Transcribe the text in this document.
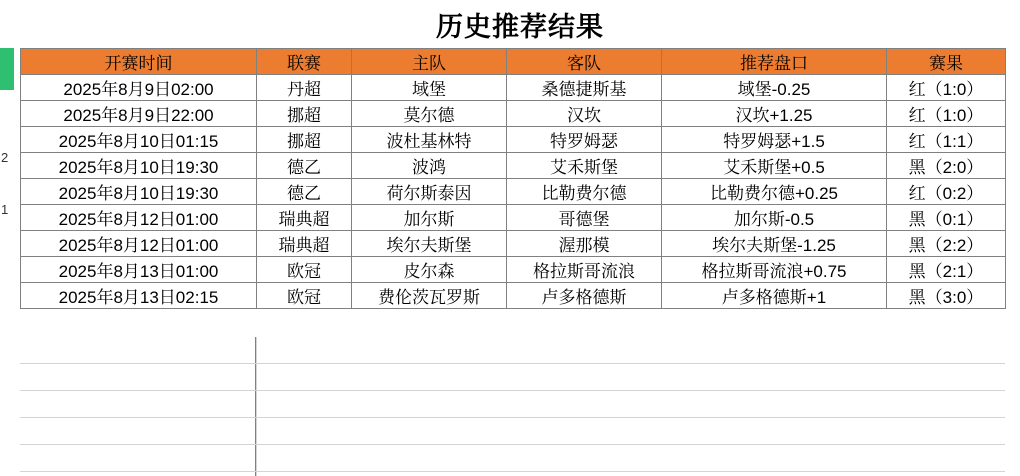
2
1
历史推荐结果
开赛时间	联赛	主队	客队	推荐盘口	赛果
2025年8月9日02:00	丹超	域堡	桑德捷斯基	域堡-0.25	红（1:0）
2025年8月9日22:00	挪超	莫尔德	汉坎	汉坎+1.25	红（1:0）
2025年8月10日01:15	挪超	波杜基林特	特罗姆瑟	特罗姆瑟+1.5	红（1:1）
2025年8月10日19:30	德乙	波鸿	艾禾斯堡	艾禾斯堡+0.5	黑（2:0）
2025年8月10日19:30	德乙	荷尔斯泰因	比勒费尔德	比勒费尔德+0.25	红（0:2）
2025年8月12日01:00	瑞典超	加尔斯	哥德堡	加尔斯-0.5	黑（0:1）
2025年8月12日01:00	瑞典超	埃尔夫斯堡	渥那模	埃尔夫斯堡-1.25	黑（2:2）
2025年8月13日01:00	欧冠	皮尔森	格拉斯哥流浪	格拉斯哥流浪+0.75	黑（2:1）
2025年8月13日02:15	欧冠	费伦茨瓦罗斯	卢多格德斯	卢多格德斯+1	黑（3:0）
